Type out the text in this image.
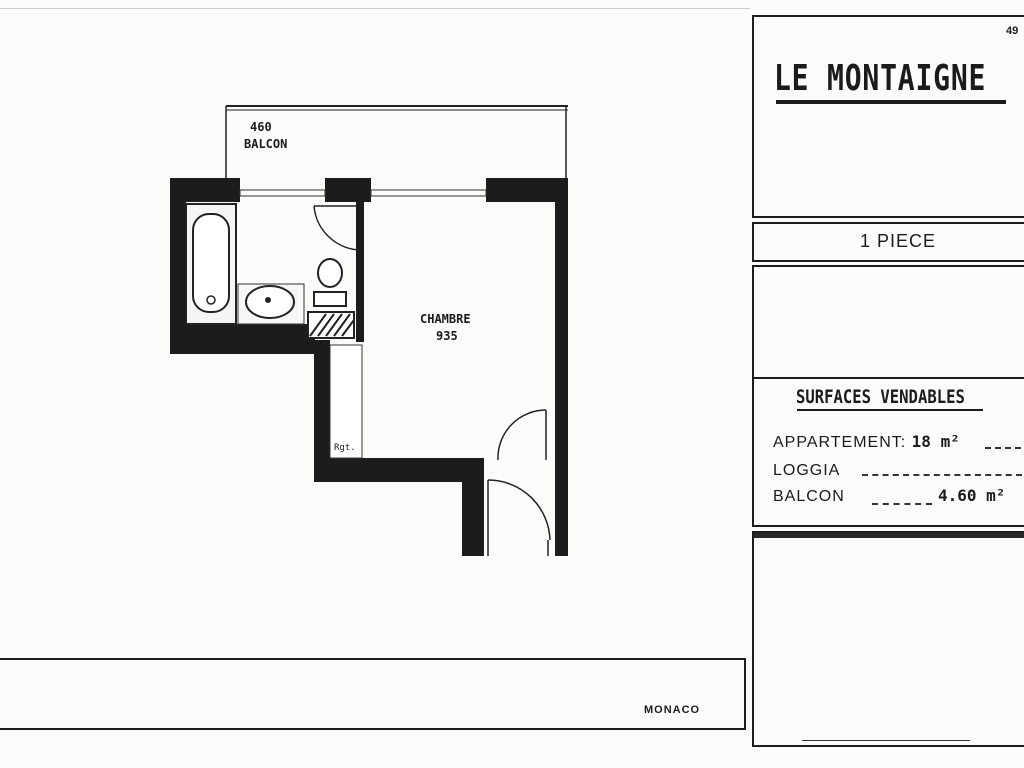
460
BALCON
CHAMBRE
935
Rgt.
49
LE MONTAIGNE
1 PIECE
SURFACES VENDABLES
APPARTEMENT: 18 m²
LOGGIA
BALCON	4.60 m²
MONACO
